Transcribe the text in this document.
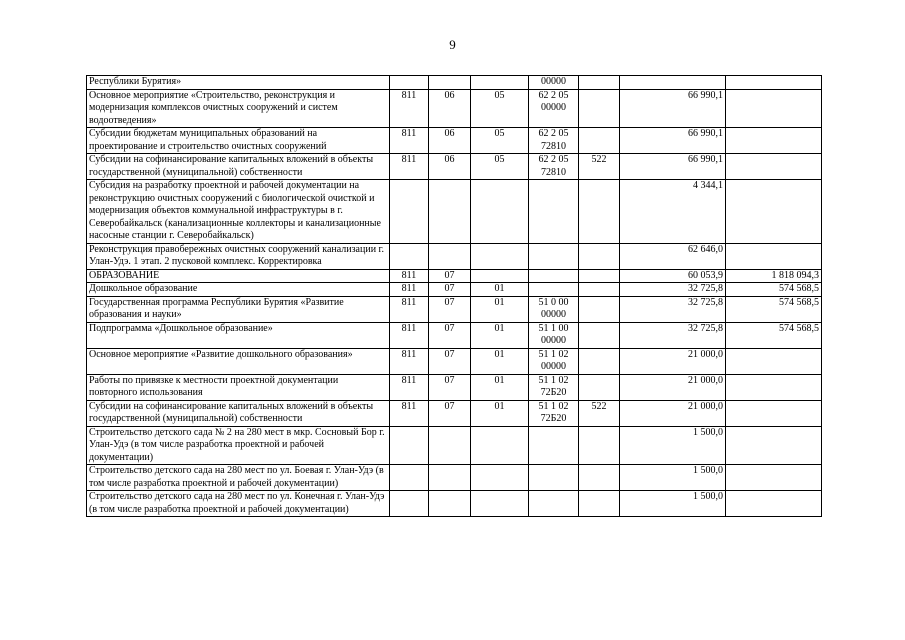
9
Республики Бурятия»				00000			
Основное мероприятие «Строительство, реконструкция и модернизация комплексов очистных сооружений и систем водоотведения»	811	06	05	62 2 05 00000		66 990,1	
Субсидии бюджетам муниципальных образований на проектирование и строительство очистных сооружений	811	06	05	62 2 05 72810		66 990,1	
Субсидии на софинансирование капитальных вложений в объекты государственной (муниципальной) собственности	811	06	05	62 2 05 72810	522	66 990,1	
Субсидия на разработку проектной и рабочей документации на реконструкцию очистных сооружений с биологической очисткой и модернизация объектов коммунальной инфраструктуры в г. Северобайкальск (канализационные коллекторы и канализационные насосные станции г. Северобайкальск)						4 344,1	
Реконструкция правобережных очистных сооружений канализации г. Улан-Удэ. 1 этап. 2 пусковой комплекс. Корректировка						62 646,0	
ОБРАЗОВАНИЕ	811	07				60 053,9	1 818 094,3
Дошкольное образование	811	07	01			32 725,8	574 568,5
Государственная программа Республики Бурятия «Развитие образования и науки»	811	07	01	51 0 00 00000		32 725,8	574 568,5
Подпрограмма «Дошкольное образование»	811	07	01	51 1 00 00000		32 725,8	574 568,5
Основное мероприятие «Развитие дошкольного образования»	811	07	01	51 1 02 00000		21 000,0	
Работы по привязке к местности проектной документации повторного использования	811	07	01	51 1 02 72Б20		21 000,0	
Субсидии на софинансирование капитальных вложений в объекты государственной (муниципальной) собственности	811	07	01	51 1 02 72Б20	522	21 000,0	
Строительство детского сада № 2 на 280 мест в мкр. Сосновый Бор г. Улан-Удэ (в том числе разработка проектной и рабочей документации)						1 500,0	
Строительство детского сада на 280 мест по ул. Боевая г. Улан-Удэ (в том числе разработка проектной и рабочей документации)						1 500,0	
Строительство детского сада на 280 мест по ул. Конечная г. Улан-Удэ (в том числе разработка проектной и рабочей документации)						1 500,0	
